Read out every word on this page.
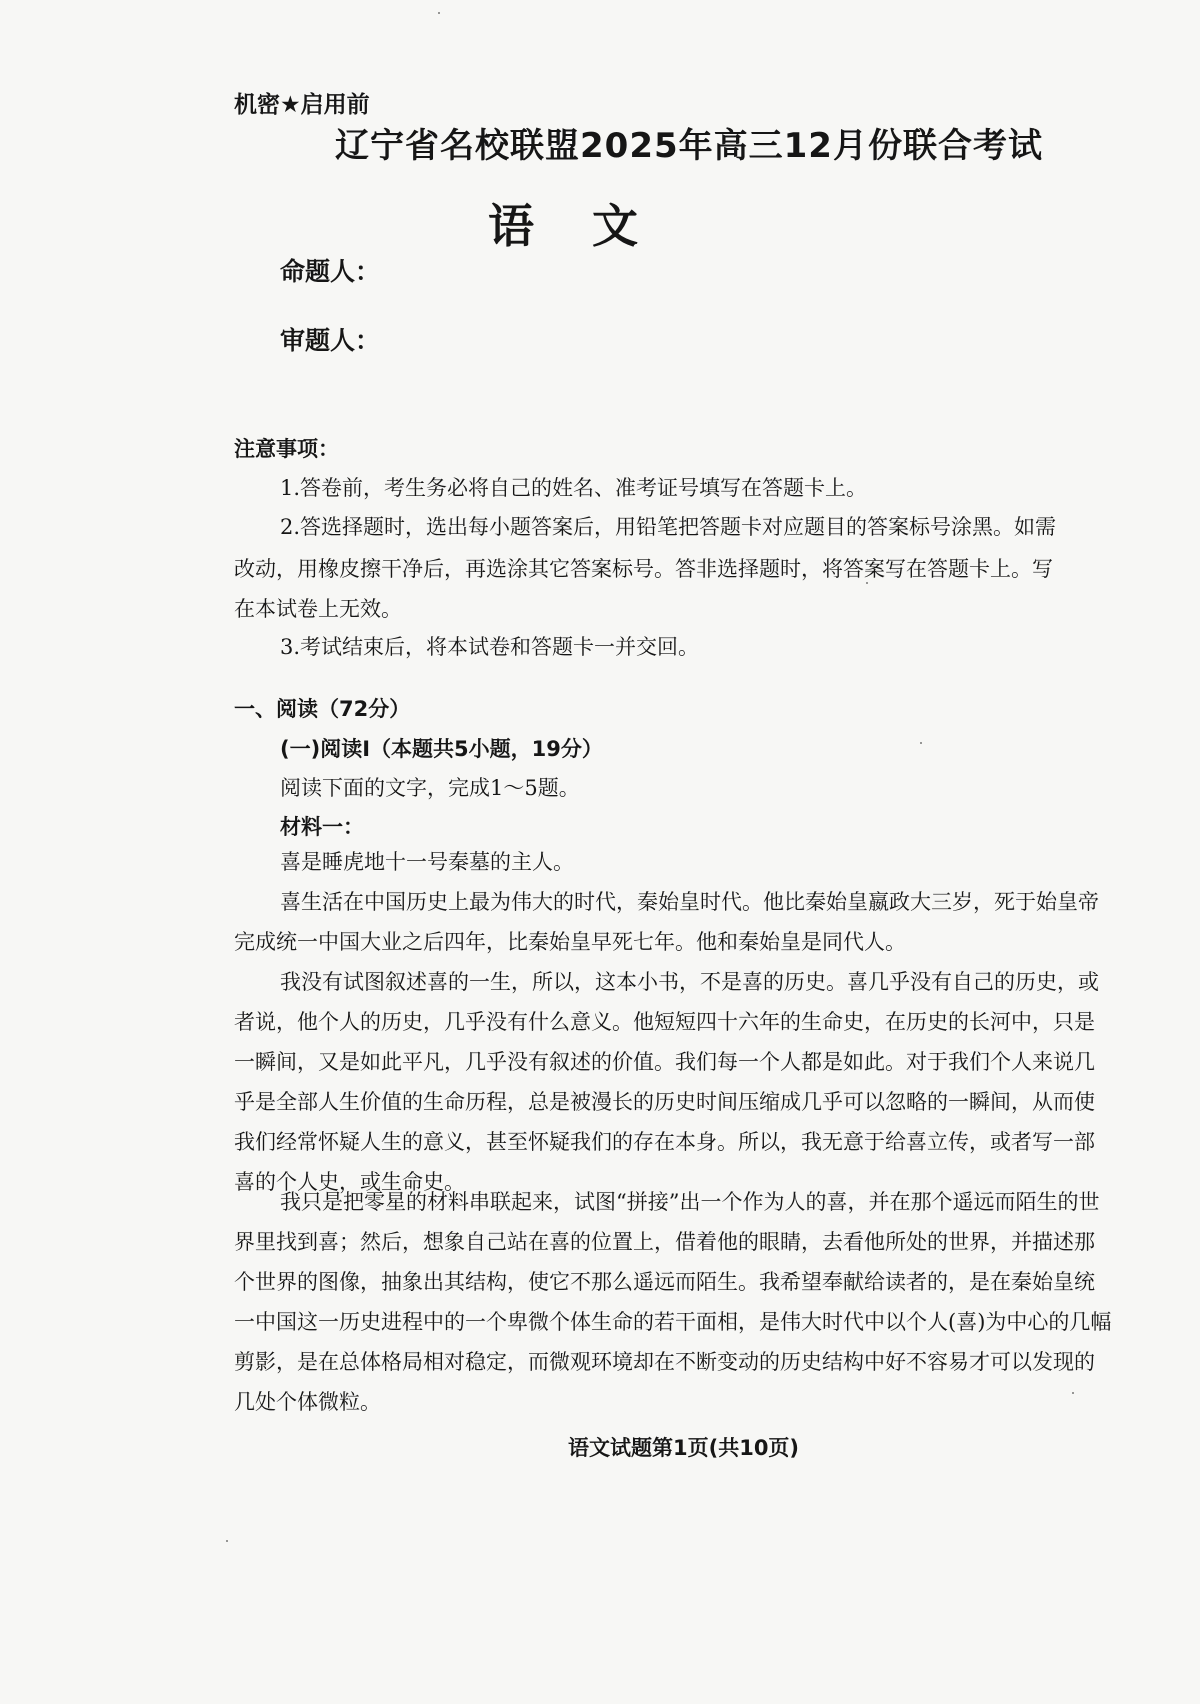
机密★启用前
辽宁省名校联盟2025年高三12月份联合考试
语文
命题人：
审题人：
注意事项：
1.答卷前，考生务必将自己的姓名、准考证号填写在答题卡上。
2.答选择题时，选出每小题答案后，用铅笔把答题卡对应题目的答案标号涂黑。如需
改动，用橡皮擦干净后，再选涂其它答案标号。答非选择题时，将答案写在答题卡上。写
在本试卷上无效。
3.考试结束后，将本试卷和答题卡一并交回。
一、阅读（72分）
(一)阅读Ⅰ（本题共5小题，19分）
阅读下面的文字，完成1～5题。
材料一：
喜是睡虎地十一号秦墓的主人。
喜生活在中国历史上最为伟大的时代，秦始皇时代。他比秦始皇嬴政大三岁，死于始皇帝完成统一中国大业之后四年，比秦始皇早死七年。他和秦始皇是同代人。
我没有试图叙述喜的一生，所以，这本小书，不是喜的历史。喜几乎没有自己的历史，或者说，他个人的历史，几乎没有什么意义。他短短四十六年的生命史，在历史的长河中，只是一瞬间，又是如此平凡，几乎没有叙述的价值。我们每一个人都是如此。对于我们个人来说几乎是全部人生价值的生命历程，总是被漫长的历史时间压缩成几乎可以忽略的一瞬间，从而使我们经常怀疑人生的意义，甚至怀疑我们的存在本身。所以，我无意于给喜立传，或者写一部喜的个人史，或生命史。
我只是把零星的材料串联起来，试图“拼接”出一个作为人的喜，并在那个遥远而陌生的世界里找到喜；然后，想象自己站在喜的位置上，借着他的眼睛，去看他所处的世界，并描述那个世界的图像，抽象出其结构，使它不那么遥远而陌生。我希望奉献给读者的，是在秦始皇统一中国这一历史进程中的一个卑微个体生命的若干面相，是伟大时代中以个人(喜)为中心的几幅剪影，是在总体格局相对稳定，而微观环境却在不断变动的历史结构中好不容易才可以发现的几处个体微粒。
语文试题第1页(共10页)
